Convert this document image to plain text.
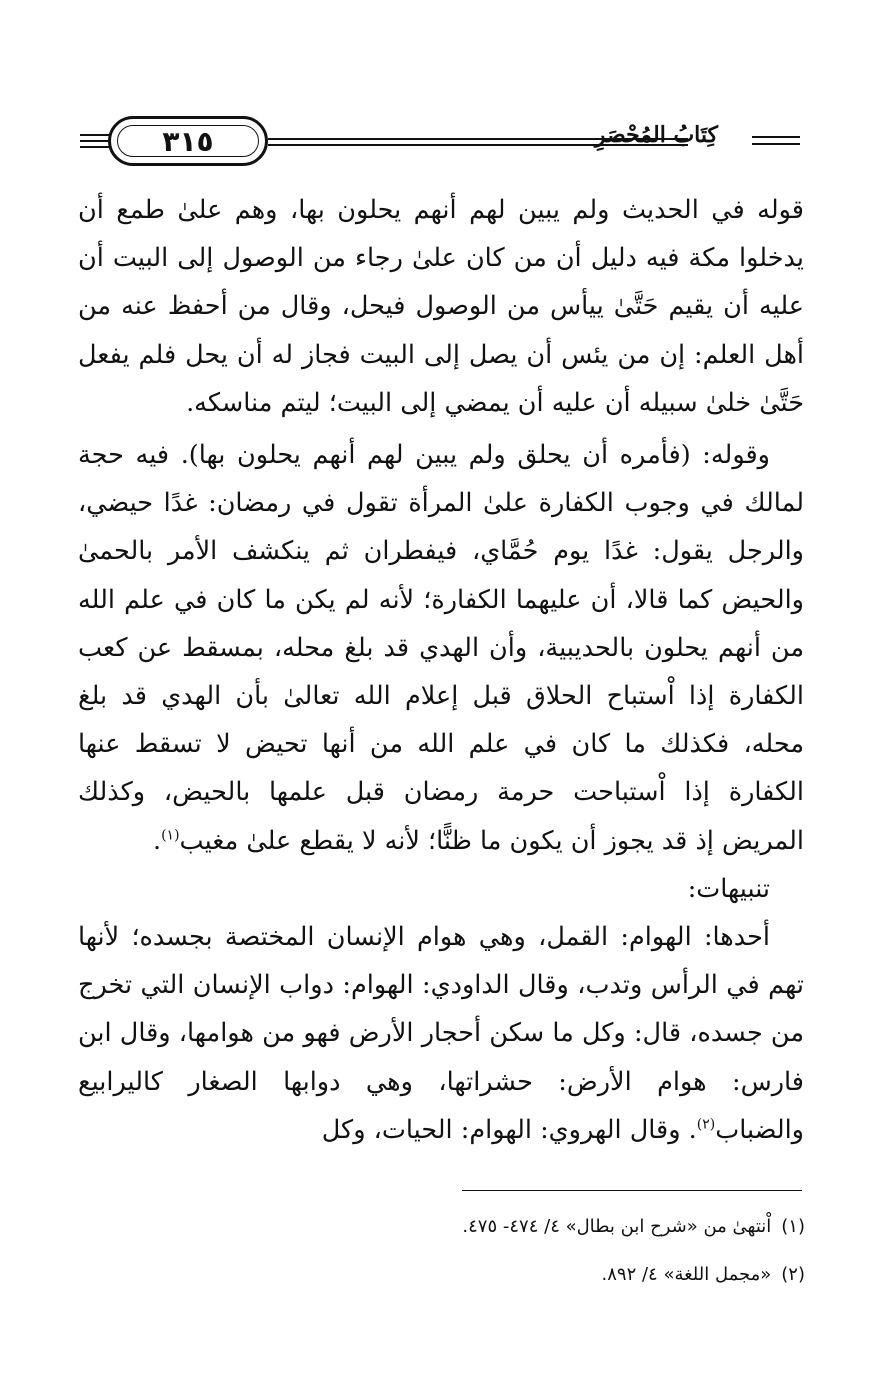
٣١٥	كِتَابُ المُحْصَرِ

قوله في الحديث ولم يبين لهم أنهم يحلون بها، وهم علىٰ طمع أن يدخلوا مكة فيه دليل أن من كان علىٰ رجاء من الوصول إلى البيت أن عليه أن يقيم حَتَّىٰ ييأس من الوصول فيحل، وقال من أحفظ عنه من أهل العلم: إن من يئس أن يصل إلى البيت فجاز له أن يحل فلم يفعل حَتَّىٰ خلىٰ سبيله أن عليه أن يمضي إلى البيت؛ ليتم مناسكه.

وقوله: (فأمره أن يحلق ولم يبين لهم أنهم يحلون بها). فيه حجة لمالك في وجوب الكفارة علىٰ المرأة تقول في رمضان: غدًا حيضي، والرجل يقول: غدًا يوم حُمَّاي، فيفطران ثم ينكشف الأمر بالحمىٰ والحيض كما قالا، أن عليهما الكفارة؛ لأنه لم يكن ما كان في علم الله من أنهم يحلون بالحديبية، وأن الهدي قد بلغ محله، بمسقط عن كعب الكفارة إذا اْستباح الحلاق قبل إعلام الله تعالىٰ بأن الهدي قد بلغ محله، فكذلك ما كان في علم الله من أنها تحيض لا تسقط عنها الكفارة إذا اْستباحت حرمة رمضان قبل علمها بالحيض، وكذلك المريض إذ قد يجوز أن يكون ما ظنًّا؛ لأنه لا يقطع علىٰ مغيب$^{(١)}$.

تنبيهات:

أحدها: الهوام: القمل، وهي هوام الإنسان المختصة بجسده؛ لأنها تهم في الرأس وتدب، وقال الداودي: الهوام: دواب الإنسان التي تخرج من جسده، قال: وكل ما سكن أحجار الأرض فهو من هوامها، وقال ابن فارس: هوام الأرض: حشراتها، وهي دوابها الصغار كاليرابيع والضباب$^{(٢)}$. وقال الهروي: الهوام: الحيات، وكل

(١)اْنتهىٰ من «شرح ابن بطال» ٤/ ٤٧٤- ٤٧٥.
(٢)«مجمل اللغة» ٤/ ٨٩٢.
